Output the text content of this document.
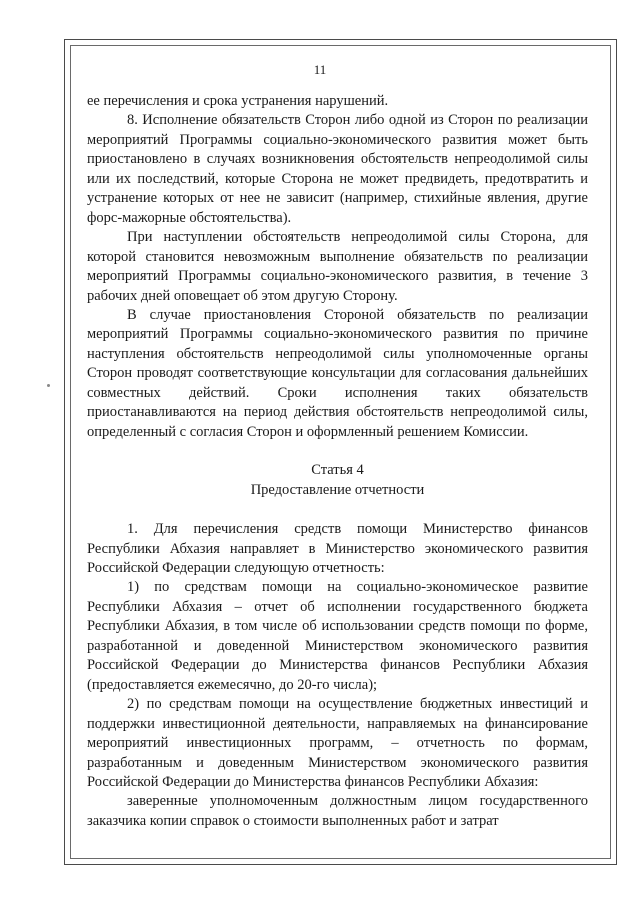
11

ее перечисления и срока устранения нарушений.

8. Исполнение обязательств Сторон либо одной из Сторон по реализации мероприятий Программы социально-экономического развития может быть приостановлено в случаях возникновения обстоятельств непреодолимой силы или их последствий, которые Сторона не может предвидеть, предотвратить и устранение которых от нее не зависит (например, стихийные явления, другие форс-мажорные обстоятельства).

При наступлении обстоятельств непреодолимой силы Сторона, для которой становится невозможным выполнение обязательств по реализации мероприятий Программы социально-экономического развития, в течение 3 рабочих дней оповещает об этом другую Сторону.

В случае приостановления Стороной обязательств по реализации мероприятий Программы социально-экономического развития по причине наступления обстоятельств непреодолимой силы уполномоченные органы Сторон проводят соответствующие консультации для согласования дальнейших совместных действий. Сроки исполнения таких обязательств приостанавливаются на период действия обстоятельств непреодолимой силы, определенный с согласия Сторон и оформленный решением Комиссии.

Статья 4

Предоставление отчетности

1. Для перечисления средств помощи Министерство финансов Республики Абхазия направляет в Министерство экономического развития Российской Федерации следующую отчетность:

1) по средствам помощи на социально-экономическое развитие Республики Абхазия – отчет об исполнении государственного бюджета Республики Абхазия, в том числе об использовании средств помощи по форме, разработанной и доведенной Министерством экономического развития Российской Федерации до Министерства финансов Республики Абхазия (предоставляется ежемесячно, до 20-го числа);

2) по средствам помощи на осуществление бюджетных инвестиций и поддержки инвестиционной деятельности, направляемых на финансирование мероприятий инвестиционных программ, – отчетность по формам, разработанным и доведенным Министерством экономического развития Российской Федерации до Министерства финансов Республики Абхазия:

заверенные уполномоченным должностным лицом государственного заказчика копии справок о стоимости выполненных работ и затрат
